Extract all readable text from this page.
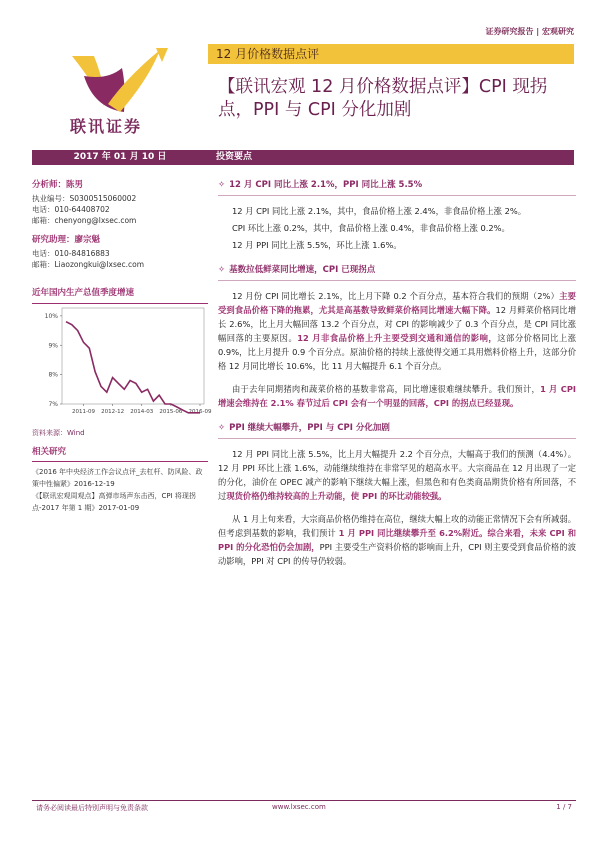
证券研究报告 | 宏观研究
联讯证券
12 月价格数据点评
【联讯宏观 12 月价格数据点评】CPI 现拐点，PPI 与 CPI 分化加剧
2017 年 01 月 10 日	投资要点
分析师：陈男
执业编号：S0300515060002
电话：010-64408702
邮箱：chenyong@lxsec.com
研究助理：廖宗魁
电话：010-84816883
邮箱：Liaozongkui@lxsec.com
近年国内生产总值季度增速
7%
8%
9%
10%
2011-09 2012-12 2014-03 2015-06 2016-09
资料来源：Wind
相关研究
《2016 年中央经济工作会议点评_去杠杆、防风险、政策中性偏紧》2016-12-19
《【联讯宏观周观点】高弹市场声东击西，CPI 将现拐点-2017 年第 1 期》2017-01-09
✧ 12 月 CPI 同比上涨 2.1%，PPI 同比上涨 5.5%
12 月 CPI 同比上涨 2.1%，其中，食品价格上涨 2.4%，非食品价格上涨 2%。
CPI 环比上涨 0.2%，其中，食品价格上涨 0.4%，非食品价格上涨 0.2%。
12 月 PPI 同比上涨 5.5%，环比上涨 1.6%。
✧ 基数拉低鲜菜同比增速，CPI 已现拐点
12 月份 CPI 同比增长 2.1%，比上月下降 0.2 个百分点，基本符合我们的预期（2%）主要受到食品价格下降的拖累，尤其是高基数导致鲜菜价格同比增速大幅下降。12 月鲜菜价格同比增长 2.6%，比上月大幅回落 13.2 个百分点，对 CPI 的影响减少了 0.3 个百分点，是 CPI 同比涨幅回落的主要原因。12 月非食品价格上升主要受到交通和通信的影响，这部分价格同比上涨 0.9%，比上月提升 0.9 个百分点。原油价格的持续上涨使得交通工具用燃料价格上升，这部分价格 12 月同比增长 10.6%，比 11 月大幅提升 6.1 个百分点。
由于去年同期猪肉和蔬菜价格的基数非常高，同比增速很难继续攀升。我们预计，1 月 CPI 增速会维持在 2.1% 春节过后 CPI 会有一个明显的回落，CPI 的拐点已经显现。
✧ PPI 继续大幅攀升，PPI 与 CPI 分化加剧
12 月 PPI 同比上涨 5.5%，比上月大幅提升 2.2 个百分点，大幅高于我们的预测（4.4%）。12 月 PPI 环比上涨 1.6%，动能继续维持在非常罕见的超高水平。大宗商品在 12 月出现了一定的分化，油价在 OPEC 减产的影响下继续大幅上涨，但黑色和有色类商品期货价格有所回落，不过现货价格仍维持较高的上升动能，使 PPI 的环比动能较强。
从 1 月上旬来看，大宗商品价格仍维持在高位，继续大幅上攻的动能正常情况下会有所减弱。但考虑到基数的影响，我们预计 1 月 PPI 同比继续攀升至 6.2%附近。综合来看，未来 CPI 和 PPI 的分化恐怕仍会加剧，PPI 主要受生产资料价格的影响而上升，CPI 则主要受到食品价格的波动影响，PPI 对 CPI 的传导仍较弱。
请务必阅读最后特别声明与免责条款	www.lxsec.com	1 / 7
